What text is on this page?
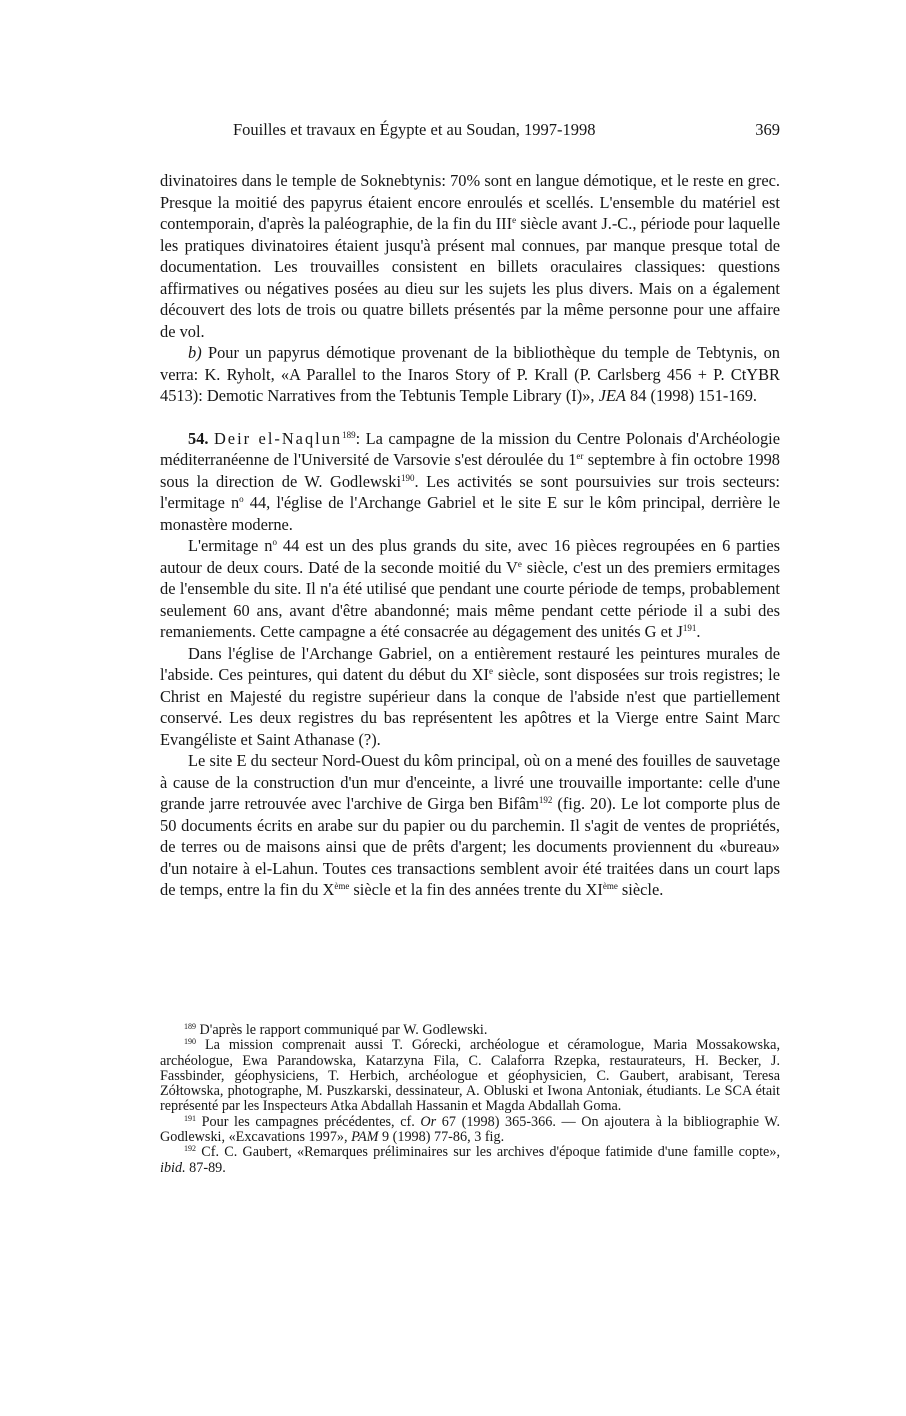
Fouilles et travaux en Égypte et au Soudan, 1997-1998	369

divinatoires dans le temple de Soknebtynis: 70% sont en langue démotique, et le reste en grec. Presque la moitié des papyrus étaient encore enroulés et scellés. L'ensemble du matériel est contemporain, d'après la paléographie, de la fin du IIIe siècle avant J.-C., période pour laquelle les pratiques divinatoires étaient jusqu'à présent mal connues, par manque presque total de documentation. Les trouvailles consistent en billets oraculaires classiques: questions affirmatives ou négatives posées au dieu sur les sujets les plus divers. Mais on a également découvert des lots de trois ou quatre billets présentés par la même personne pour une affaire de vol.

b) Pour un papyrus démotique provenant de la bibliothèque du temple de Tebtynis, on verra: K. Ryholt, «A Parallel to the Inaros Story of P. Krall (P. Carlsberg 456 + P. CtYBR 4513): Demotic Narratives from the Tebtunis Temple Library (I)», JEA 84 (1998) 151-169.

54. Deir el-Naqlun$^{189}$: La campagne de la mission du Centre Polonais d'Archéologie méditerranéenne de l'Université de Varsovie s'est déroulée du 1er septembre à fin octobre 1998 sous la direction de W. Godlewski$^{190}$. Les activités se sont poursuivies sur trois secteurs: l'ermitage $n^o$ 44, l'église de l'Archange Gabriel et le site E sur le kôm principal, derrière le monastère moderne.

L'ermitage $n^o$ 44 est un des plus grands du site, avec 16 pièces regroupées en 6 parties autour de deux cours. Daté de la seconde moitié du Ve siècle, c'est un des premiers ermitages de l'ensemble du site. Il n'a été utilisé que pendant une courte période de temps, probablement seulement 60 ans, avant d'être abandonné; mais même pendant cette période il a subi des remaniements. Cette campagne a été consacrée au dégagement des unités G et $J^{191}$.

Dans l'église de l'Archange Gabriel, on a entièrement restauré les peintures murales de l'abside. Ces peintures, qui datent du début du XIe siècle, sont disposées sur trois registres; le Christ en Majesté du registre supérieur dans la conque de l'abside n'est que partiellement conservé. Les deux registres du bas représentent les apôtres et la Vierge entre Saint Marc Evangéliste et Saint Athanase (?).

Le site E du secteur Nord-Ouest du kôm principal, où on a mené des fouilles de sauvetage à cause de la construction d'un mur d'enceinte, a livré une trouvaille importante: celle d'une grande jarre retrouvée avec l'archive de Girga ben Bifâm$^{192}$ (fig. 20). Le lot comporte plus de 50 documents écrits en arabe sur du papier ou du parchemin. Il s'agit de ventes de propriétés, de terres ou de maisons ainsi que de prêts d'argent; les documents proviennent du «bureau» d'un notaire à el-Lahun. Toutes ces transactions semblent avoir été traitées dans un court laps de temps, entre la fin du Xème siècle et la fin des années trente du XIème siècle.

$^{189}$ D'après le rapport communiqué par W. Godlewski.

$^{190}$ La mission comprenait aussi T. Górecki, archéologue et céramologue, Maria Mossakowska, archéologue, Ewa Parandowska, Katarzyna Fila, C. Calaforra Rzepka, restaurateurs, H. Becker, J. Fassbinder, géophysiciens, T. Herbich, archéologue et géophysicien, C. Gaubert, arabisant, Teresa Zółtowska, photographe, M. Puszkarski, dessinateur, A. Obluski et Iwona Antoniak, étudiants. Le SCA était représenté par les Inspecteurs Atka Abdallah Hassanin et Magda Abdallah Goma.

$^{191}$ Pour les campagnes précédentes, cf. Or 67 (1998) 365-366. — On ajoutera à la bibliographie W. Godlewski, «Excavations 1997», PAM 9 (1998) 77-86, 3 fig.

$^{192}$ Cf. C. Gaubert, «Remarques préliminaires sur les archives d'époque fatimide d'une famille copte», ibid. 87-89.
